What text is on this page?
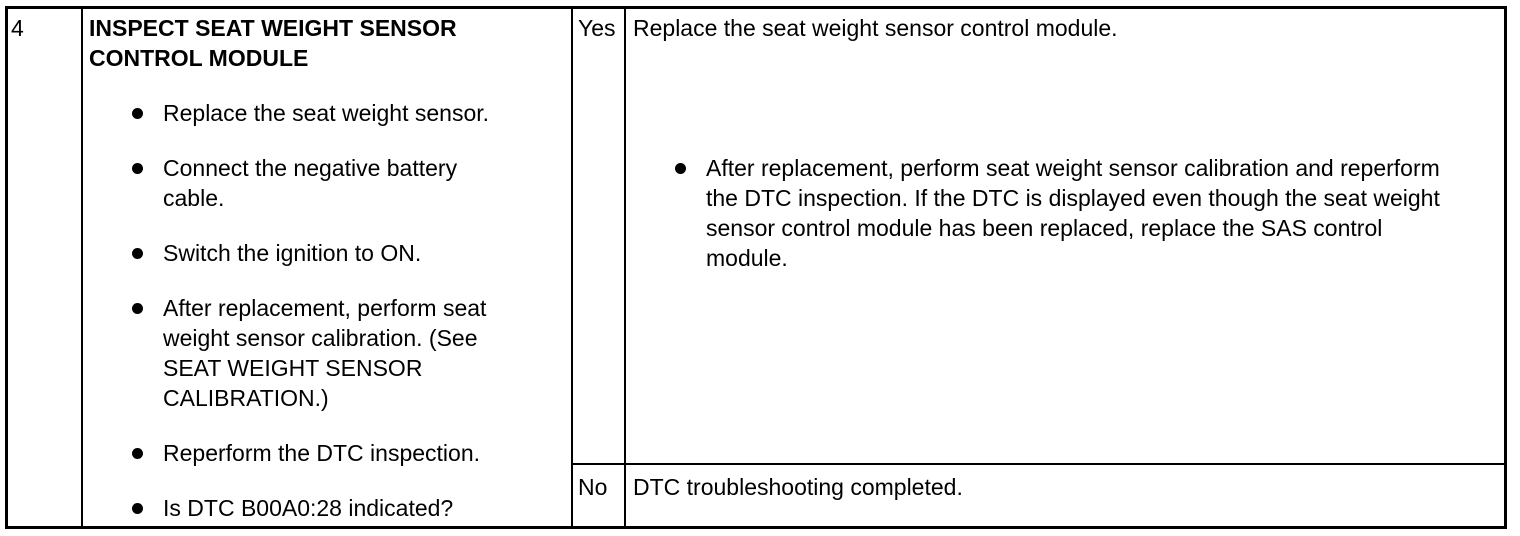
4	INSPECT SEAT WEIGHT SENSOR CONTROL MODULE
Replace the seat weight sensor.
Connect the negative battery cable.
Switch the ignition to ON.
After replacement, perform seat weight sensor calibration. (See SEAT WEIGHT SENSOR CALIBRATION.)
Reperform the DTC inspection.
Is DTC B00A0:28 indicated?
Yes Replace the seat weight sensor control module.
After replacement, perform seat weight sensor calibration and reperform the DTC inspection. If the DTC is displayed even though the seat weight sensor control module has been replaced, replace the SAS control module.
No DTC troubleshooting completed.
